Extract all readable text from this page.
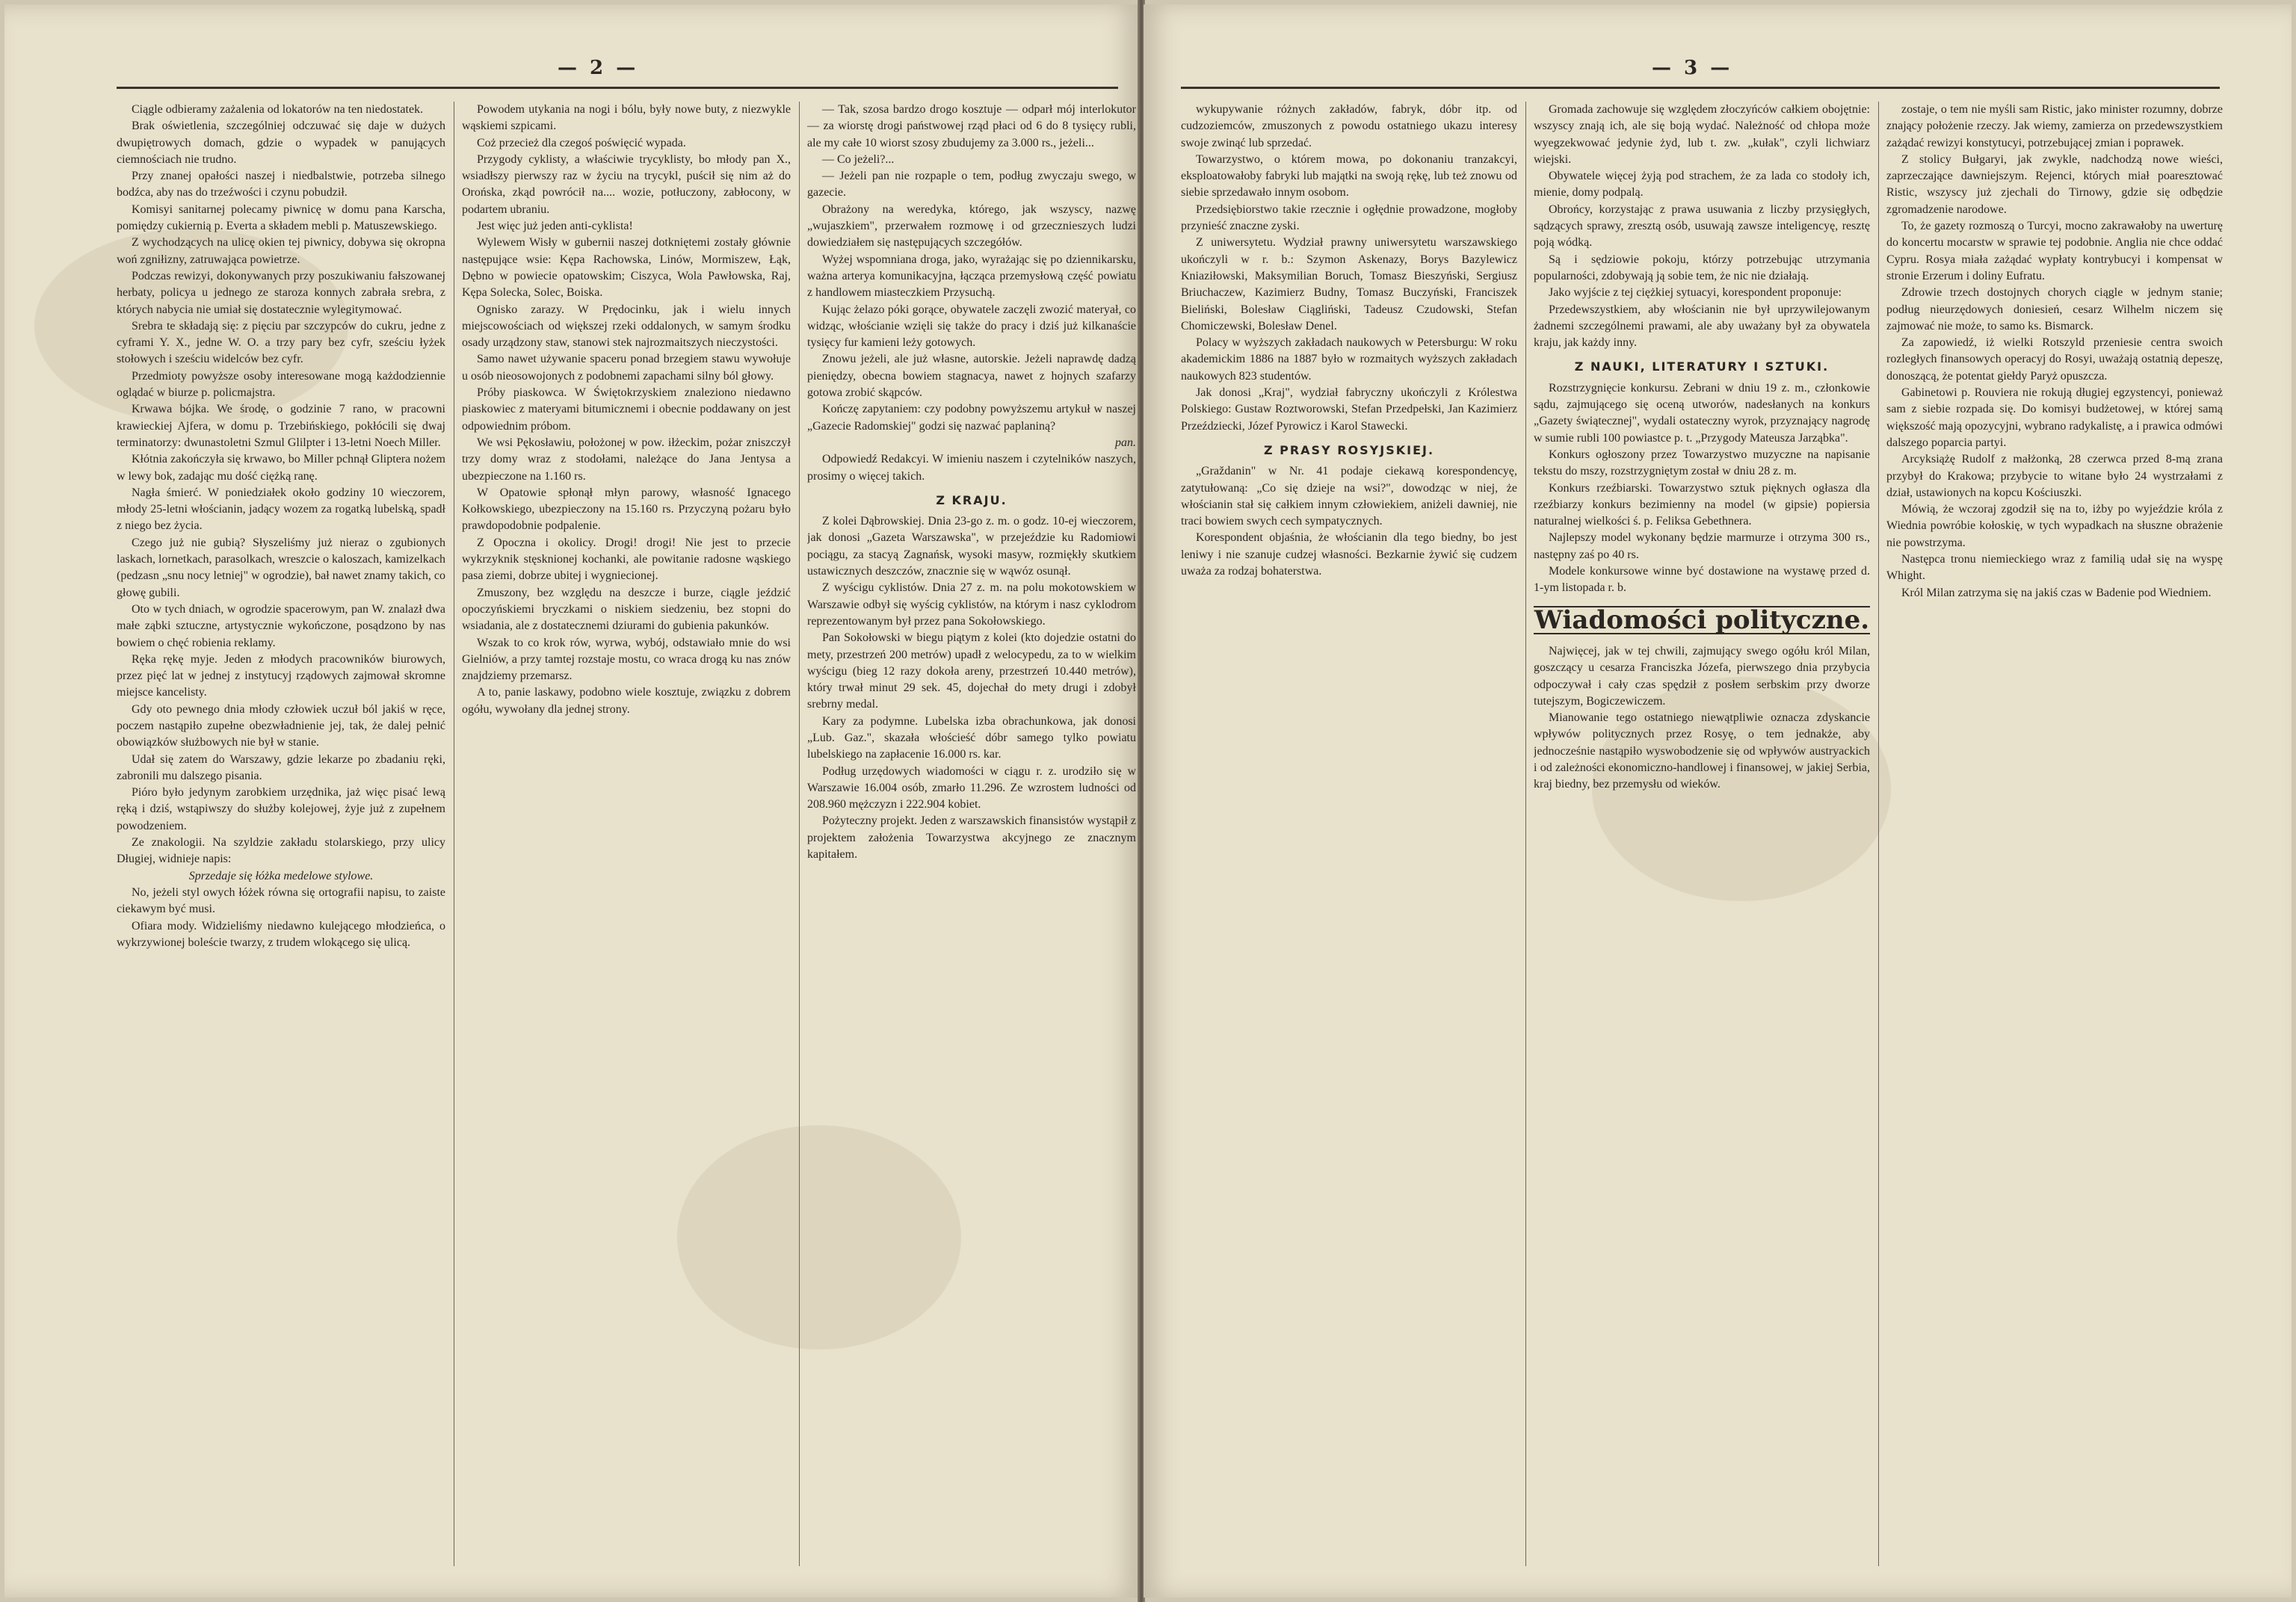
— 2 —

Ciągle odbieramy zażalenia od lokatorów na ten niedostatek.

Brak oświetlenia, szczególniej odczuwać się daje w dużych dwupiętrowych domach, gdzie o wypadek w panujących ciemnościach nie trudno.

Przy znanej opałości naszej i niedbalstwie, potrzeba silnego bodźca, aby nas do trzeźwości i czynu pobudził.

Komisyi sanitarnej polecamy piwnicę w domu pana Karscha, pomiędzy cukiernią p. Everta a składem mebli p. Matuszewskiego.

Z wychodzących na ulicę okien tej piwnicy, dobywa się okropna woń zgniłizny, zatruwająca powietrze.

Podczas rewizyi, dokonywanych przy poszukiwaniu fałszowanej herbaty, policya u jednego ze staroza konnych zabrała srebra, z których nabycia nie umiał się dostatecznie wylegitymować.

Srebra te składają się: z pięciu par szczypców do cukru, jedne z cyframi Y. X., jedne W. O. a trzy pary bez cyfr, sześciu łyżek stołowych i sześciu widelców bez cyfr.

Przedmioty powyższe osoby interesowane mogą każdodziennie oglądać w biurze p. policmajstra.

Krwawa bójka. We środę, o godzinie 7 rano, w pracowni krawieckiej Ajfera, w domu p. Trzebińskiego, pokłócili się dwaj terminatorzy: dwunastoletni Szmul Glilpter i 13-letni Noech Miller.

Kłótnia zakończyła się krwawo, bo Miller pchnął Gliptera nożem w lewy bok, zadając mu dość ciężką ranę.

Nagła śmierć. W poniedziałek około godziny 10 wieczorem, młody 25-letni włościanin, jadący wozem za rogatką lubelską, spadł z niego bez życia.

Czego już nie gubią? Słyszeliśmy już nieraz o zgubionych laskach, lornetkach, parasolkach, wreszcie o kaloszach, kamizelkach (pedzasn „snu nocy letniej" w ogrodzie), bał nawet znamy takich, co głowę gubili.

Oto w tych dniach, w ogrodzie spacerowym, pan W. znalazł dwa małe ząbki sztuczne, artystycznie wykończone, posądzono by nas bowiem o chęć robienia reklamy.

Ręka rękę myje. Jeden z młodych pracowników biurowych, przez pięć lat w jednej z instytucyj rządowych zajmował skromne miejsce kancelisty.

Gdy oto pewnego dnia młody człowiek uczuł ból jakiś w ręce, poczem nastąpiło zupełne obezwładnienie jej, tak, że dalej pełnić obowiązków służbowych nie był w stanie.

Udał się zatem do Warszawy, gdzie lekarze po zbadaniu ręki, zabronili mu dalszego pisania.

Pióro było jedynym zarobkiem urzędnika, jaż więc pisać lewą ręką i dziś, wstąpiwszy do służby kolejowej, żyje już z zupełnem powodzeniem.

Ze znakologii. Na szyldzie zakładu stolarskiego, przy ulicy Długiej, widnieje napis:

Sprzedaje się łóżka medelowe stylowe.

No, jeżeli styl owych łóżek równa się ortografii napisu, to zaiste ciekawym być musi.

Ofiara mody. Widzieliśmy niedawno kulejącego młodzieńca, o wykrzywionej boleście twarzy, z trudem wlokącego się ulicą.

Powodem utykania na nogi i bólu, były nowe buty, z niezwykle wąskiemi szpicami.

Coż przecież dla czegoś poświęcić wypada.

Przygody cyklisty, a właściwie trycyklisty, bo młody pan X., wsiadłszy pierwszy raz w życiu na trycykl, puścił się nim aż do Orońska, zkąd powrócił na.... wozie, potłuczony, zabłocony, w podartem ubraniu.

Jest więc już jeden anti-cyklista!

Wylewem Wisły w gubernii naszej dotkniętemi zostały głównie następujące wsie: Kępa Rachowska, Linów, Mormiszew, Łąk, Dębno w powiecie opatowskim; Ciszyca, Wola Pawłowska, Raj, Kępa Solecka, Solec, Boiska.

Ognisko zarazy. W Prędocinku, jak i wielu innych miejscowościach od większej rzeki oddalonych, w samym środku osady urządzony staw, stanowi stek najrozmaitszych nieczystości.

Samo nawet używanie spaceru ponad brzegiem stawu wywołuje u osób nieosowojonych z podobnemi zapachami silny ból głowy.

Próby piaskowca. W Świętokrzyskiem znaleziono niedawno piaskowiec z materyami bitumicznemi i obecnie poddawany on jest odpowiednim próbom.

We wsi Pękosławiu, położonej w pow. iłżeckim, pożar zniszczył trzy domy wraz z stodołami, należące do Jana Jentysa a ubezpieczone na 1.160 rs.

W Opatowie spłonął młyn parowy, własność Ignacego Kołkowskiego, ubezpieczony na 15.160 rs. Przyczyną pożaru było prawdopodobnie podpalenie.

Z Opoczna i okolicy. Drogi! drogi! Nie jest to przecie wykrzyknik stęsknionej kochanki, ale powitanie radosne wąskiego pasa ziemi, dobrze ubitej i wygniecionej.

Zmuszony, bez względu na deszcze i burze, ciągle jeździć opoczyńskiemi bryczkami o niskiem siedzeniu, bez stopni do wsiadania, ale z dostatecznemi dziurami do gubienia pakunków.

Wszak to co krok rów, wyrwa, wybój, odstawiało mnie do wsi Gielniów, a przy tamtej rozstaje mostu, co wraca drogą ku nas znów znajdziemy przemarsz.

A to, panie laskawy, podobno wiele kosztuje, związku z dobrem ogółu, wywołany dla jednej strony.

— Tak, szosa bardzo drogo kosztuje — odparł mój interlokutor — za wiorstę drogi państwowej rząd płaci od 6 do 8 tysięcy rubli, ale my całe 10 wiorst szosy zbudujemy za 3.000 rs., jeżeli...

— Co jeżeli?...

— Jeżeli pan nie rozpaple o tem, podług zwyczaju swego, w gazecie.

Obrażony na weredyka, którego, jak wszyscy, nazwę „wujaszkiem", przerwałem rozmowę i od grzecznieszych ludzi dowiedziałem się następujących szczegółów.

Wyżej wspomniana droga, jako, wyrażając się po dziennikarsku, ważna arterya komunikacyjna, łącząca przemysłową część powiatu z handlowem miasteczkiem Przysuchą.

Kując żelazo póki gorące, obywatele zaczęli zwozić materyał, co widząc, włościanie wzięli się także do pracy i dziś już kilkanaście tysięcy fur kamieni leży gotowych.

Znowu jeżeli, ale już własne, autorskie. Jeżeli naprawdę dadzą pieniędzy, obecna bowiem stagnacya, nawet z hojnych szafarzy gotowa zrobić skąpców.

Kończę zapytaniem: czy podobny powyższemu artykuł w naszej „Gazecie Radomskiej" godzi się nazwać paplaniną?

pan.

Odpowiedź Redakcyi. W imieniu naszem i czytelników naszych, prosimy o więcej takich.

Z KRAJU.

Z kolei Dąbrowskiej. Dnia 23-go z. m. o godz. 10-ej wieczorem, jak donosi „Gazeta Warszawska", w przejeździe ku Radomiowi pociągu, za stacyą Zagnańsk, wysoki masyw, rozmiękły skutkiem ustawicznych deszczów, znacznie się w wąwóz osunął.

Z wyścigu cyklistów. Dnia 27 z. m. na polu mokotowskiem w Warszawie odbył się wyścig cyklistów, na którym i nasz cyklodrom reprezentowanym był przez pana Sokołowskiego.

Pan Sokołowski w biegu piątym z kolei (kto dojedzie ostatni do mety, przestrzeń 200 metrów) upadł z welocypedu, za to w wielkim wyścigu (bieg 12 razy dokoła areny, przestrzeń 10.440 metrów), który trwał minut 29 sek. 45, dojechał do mety drugi i zdobył srebrny medal.

Kary za podymne. Lubelska izba obrachunkowa, jak donosi „Lub. Gaz.", skazała włościeść dóbr samego tylko powiatu lubelskiego na zapłacenie 16.000 rs. kar.

Podług urzędowych wiadomości w ciągu r. z. urodziło się w Warszawie 16.004 osób, zmarło 11.296. Ze wzrostem ludności od 208.960 mężczyzn i 222.904 kobiet.

Pożyteczny projekt. Jeden z warszawskich finansistów wystąpił z projektem założenia Towarzystwa akcyjnego ze znacznym kapitałem.

— 3 —

wykupywanie różnych zakładów, fabryk, dóbr itp. od cudzoziemców, zmuszonych z powodu ostatniego ukazu interesy swoje zwinąć lub sprzedać.

Towarzystwo, o którem mowa, po dokonaniu tranzakcyi, eksploatowałoby fabryki lub majątki na swoją rękę, lub też znowu od siebie sprzedawało innym osobom.

Przedsiębiorstwo takie rzecznie i ogłędnie prowadzone, mogłoby przynieść znaczne zyski.

Z uniwersytetu. Wydział prawny uniwersytetu warszawskiego ukończyli w r. b.: Szymon Askenazy, Borys Bazylewicz Kniaziłowski, Maksymilian Boruch, Tomasz Bieszyński, Sergiusz Briuchaczew, Kazimierz Budny, Tomasz Buczyński, Franciszek Bieliński, Bolesław Ciągliński, Tadeusz Czudowski, Stefan Chomiczewski, Bolesław Denel.

Polacy w wyższych zakładach naukowych w Petersburgu: W roku akademickim 1886 na 1887 było w rozmaitych wyższych zakładach naukowych 823 studentów.

Jak donosi „Kraj", wydział fabryczny ukończyli z Królestwa Polskiego: Gustaw Roztworowski, Stefan Przedpełski, Jan Kazimierz Przeździecki, Józef Pyrowicz i Karol Stawecki.

Z PRASY ROSYJSKIEJ.

„Graždanin" w Nr. 41 podaje ciekawą korespondencyę, zatytułowaną: „Co się dzieje na wsi?", dowodząc w niej, że włościanin stał się całkiem innym człowiekiem, aniżeli dawniej, nie traci bowiem swych cech sympatycznych.

Korespondent objaśnia, że włościanin dla tego biedny, bo jest leniwy i nie szanuje cudzej własności. Bezkarnie żywić się cudzem uważa za rodzaj bohaterstwa.

Gromada zachowuje się względem złoczyńców całkiem obojętnie: wszyscy znają ich, ale się boją wydać. Należność od chłopa może wyegzekwować jedynie żyd, lub t. zw. „kułak", czyli lichwiarz wiejski.

Obywatele więcej żyją pod strachem, że za lada co stodoły ich, mienie, domy podpalą.

Obrońcy, korzystając z prawa usuwania z liczby przysięgłych, sądzących sprawy, zresztą osób, usuwają zawsze inteligencyę, resztę poją wódką.

Są i sędziowie pokoju, którzy potrzebując utrzymania popularności, zdobywają ją sobie tem, że nic nie działają.

Jako wyjście z tej ciężkiej sytuacyi, korespondent proponuje:

Przedewszystkiem, aby włościanin nie był uprzywilejowanym żadnemi szczególnemi prawami, ale aby uważany był za obywatela kraju, jak każdy inny.

Z NAUKI, LITERATURY I SZTUKI.

Rozstrzygnięcie konkursu. Zebrani w dniu 19 z. m., członkowie sądu, zajmującego się oceną utworów, nadesłanych na konkurs „Gazety świątecznej", wydali ostateczny wyrok, przyznający nagrodę w sumie rubli 100 powiastce p. t. „Przygody Mateusza Jarząbka".

Konkurs ogłoszony przez Towarzystwo muzyczne na napisanie tekstu do mszy, rozstrzygniętym został w dniu 28 z. m.

Konkurs rzeźbiarski. Towarzystwo sztuk pięknych ogłasza dla rzeźbiarzy konkurs bezimienny na model (w gipsie) popiersia naturalnej wielkości ś. p. Feliksa Gebethnera.

Najlepszy model wykonany będzie marmurze i otrzyma 300 rs., następny zaś po 40 rs.

Modele konkursowe winne być dostawione na wystawę przed d. 1-ym listopada r. b.

Wiadomości polityczne.

Najwięcej, jak w tej chwili, zajmujący swego ogółu król Milan, goszczący u cesarza Franciszka Józefa, pierwszego dnia przybycia odpoczywał i cały czas spędził z posłem serbskim przy dworze tutejszym, Bogiczewiczem.

Mianowanie tego ostatniego niewątpliwie oznacza zdyskancie wpływów politycznych przez Rosyę, o tem jednakże, aby jednocześnie nastąpiło wyswobodzenie się od wpływów austryackich i od zależności ekonomiczno-handlowej i finansowej, w jakiej Serbia, kraj biedny, bez przemysłu od wieków.

zostaje, o tem nie myśli sam Ristic, jako minister rozumny, dobrze znający położenie rzeczy. Jak wiemy, zamierza on przedewszystkiem zażądać rewizyi konstytucyi, potrzebującej zmian i poprawek.

Z stolicy Bułgaryi, jak zwykle, nadchodzą nowe wieści, zaprzeczające dawniejszym. Rejenci, których miał poaresztować Ristic, wszyscy już zjechali do Tirnowy, gdzie się odbędzie zgromadzenie narodowe.

To, że gazety rozmoszą o Turcyi, mocno zakrawałoby na uwerturę do koncertu mocarstw w sprawie tej podobnie. Anglia nie chce oddać Cypru. Rosya miała zażądać wypłaty kontrybucyi i kompensat w stronie Erzerum i doliny Eufratu.

Zdrowie trzech dostojnych chorych ciągle w jednym stanie; podług nieurzędowych doniesień, cesarz Wilhelm niczem się zajmować nie może, to samo ks. Bismarck.

Za zapowiedź, iż wielki Rotszyld przeniesie centra swoich rozległych finansowych operacyj do Rosyi, uważają ostatnią depeszę, donoszącą, że potentat giełdy Paryż opuszcza.

Gabinetowi p. Rouviera nie rokują długiej egzystencyi, ponieważ sam z siebie rozpada się. Do komisyi budżetowej, w której samą większość mają opozycyjni, wybrano radykalistę, a i prawica odmówi dalszego poparcia partyi.

Arcyksiążę Rudolf z małżonką, 28 czerwca przed 8-mą zrana przybył do Krakowa; przybycie to witane było 24 wystrzałami z dział, ustawionych na kopcu Kościuszki.

Mówią, że wczoraj zgodził się na to, iżby po wyjeździe króla z Wiednia powróbie kołoskię, w tych wypadkach na słuszne obrażenie nie powstrzyma.

Następca tronu niemieckiego wraz z familią udał się na wyspę Whight.

Król Milan zatrzyma się na jakiś czas w Badenie pod Wiedniem.
